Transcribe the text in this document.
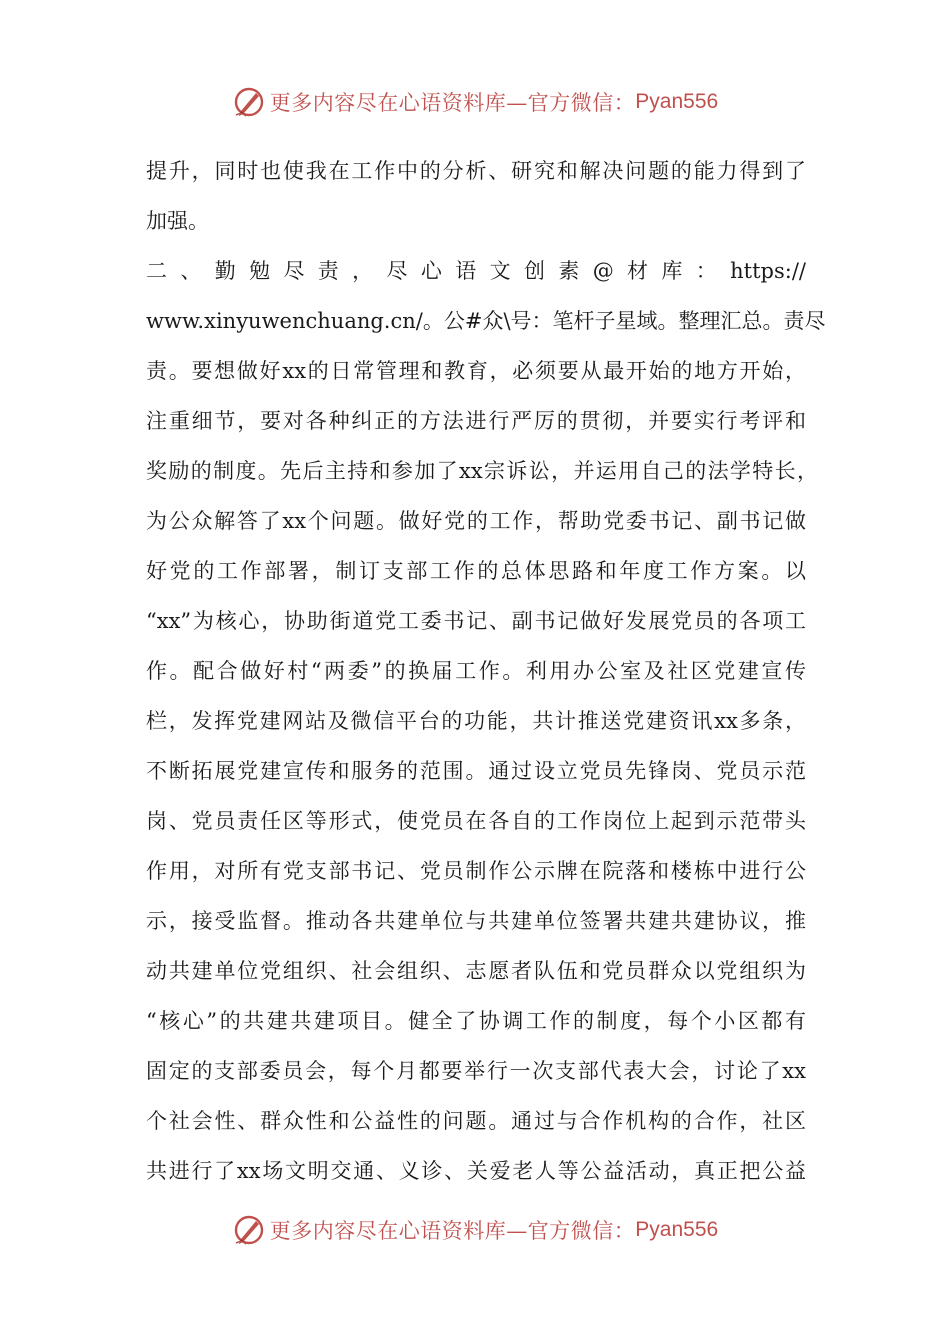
更多内容尽在心语资料库—官方微信： Pyan556
提升，同时也使我在工作中的分析、研究和解决问题的能力得到了
加强。
二、勤勉尽责，尽心语文创素@材库：https://
www.xinyuwenchuang.cn/。公#众\号：笔杆子星域。整理汇总。责尽
责。要想做好xx的日常管理和教育，必须要从最开始的地方开始，
注重细节，要对各种纠正的方法进行严厉的贯彻，并要实行考评和
奖励的制度。先后主持和参加了xx宗诉讼，并运用自己的法学特长，
为公众解答了xx个问题。做好党的工作，帮助党委书记、副书记做
好党的工作部署，制订支部工作的总体思路和年度工作方案。以
“xx”为核心，协助街道党工委书记、副书记做好发展党员的各项工
作。配合做好村“两委”的换届工作。利用办公室及社区党建宣传
栏，发挥党建网站及微信平台的功能，共计推送党建资讯xx多条，
不断拓展党建宣传和服务的范围。通过设立党员先锋岗、党员示范
岗、党员责任区等形式，使党员在各自的工作岗位上起到示范带头
作用，对所有党支部书记、党员制作公示牌在院落和楼栋中进行公
示，接受监督。推动各共建单位与共建单位签署共建共建协议，推
动共建单位党组织、社会组织、志愿者队伍和党员群众以党组织为
“核心”的共建共建项目。健全了协调工作的制度，每个小区都有
固定的支部委员会，每个月都要举行一次支部代表大会，讨论了xx
个社会性、群众性和公益性的问题。通过与合作机构的合作，社区
共进行了xx场文明交通、义诊、关爱老人等公益活动，真正把公益
更多内容尽在心语资料库—官方微信： Pyan556
